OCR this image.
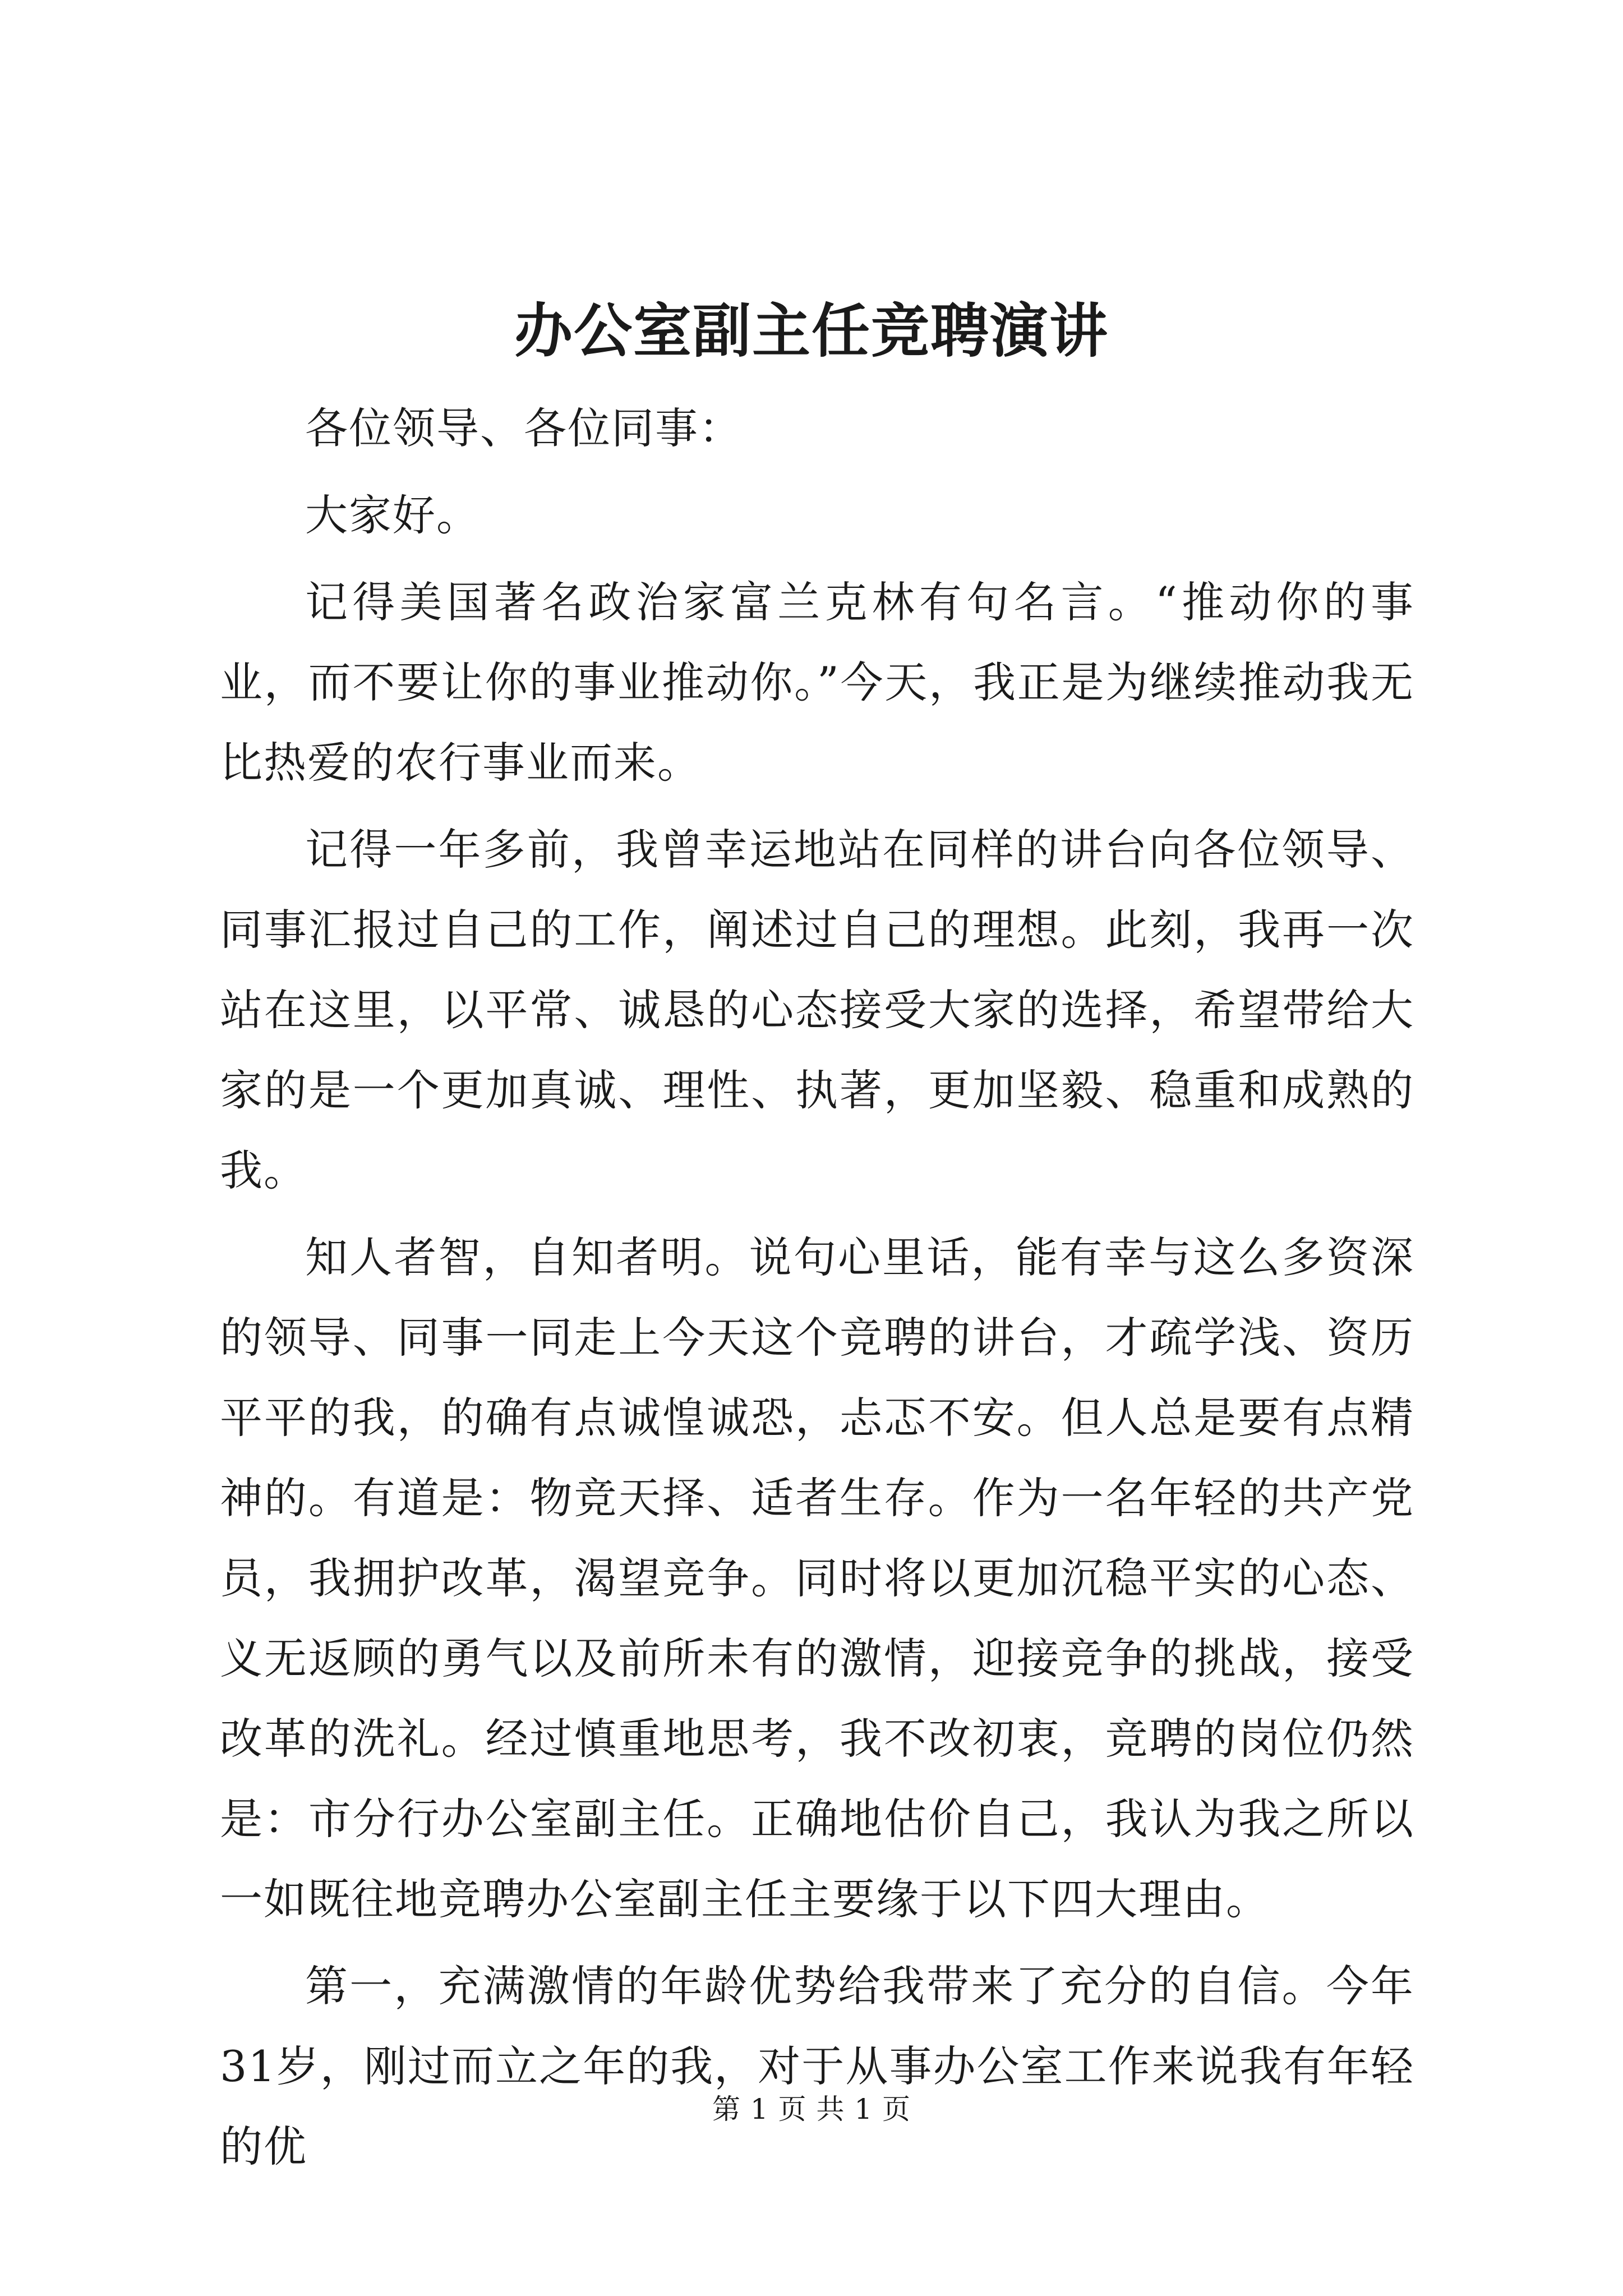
办公室副主任竞聘演讲

各位领导、各位同事：

大家好。

记得美国著名政治家富兰克林有句名言。“推动你的事业，而不要让你的事业推动你。”今天，我正是为继续推动我无比热爱的农行事业而来。

记得一年多前，我曾幸运地站在同样的讲台向各位领导、同事汇报过自己的工作，阐述过自己的理想。此刻，我再一次站在这里，以平常、诚恳的心态接受大家的选择，希望带给大家的是一个更加真诚、理性、执著，更加坚毅、稳重和成熟的我。

知人者智，自知者明。说句心里话，能有幸与这么多资深的领导、同事一同走上今天这个竞聘的讲台，才疏学浅、资历平平的我，的确有点诚惶诚恐，忐忑不安。但人总是要有点精神的。有道是：物竞天择、适者生存。作为一名年轻的共产党员，我拥护改革，渴望竞争。同时将以更加沉稳平实的心态、义无返顾的勇气以及前所未有的激情，迎接竞争的挑战，接受改革的洗礼。经过慎重地思考，我不改初衷，竞聘的岗位仍然是：市分行办公室副主任。正确地估价自己，我认为我之所以一如既往地竞聘办公室副主任主要缘于以下四大理由。

第一，充满激情的年龄优势给我带来了充分的自信。今年31岁，刚过而立之年的我，对于从事办公室工作来说我有年轻的优

第 1 页 共 1 页
